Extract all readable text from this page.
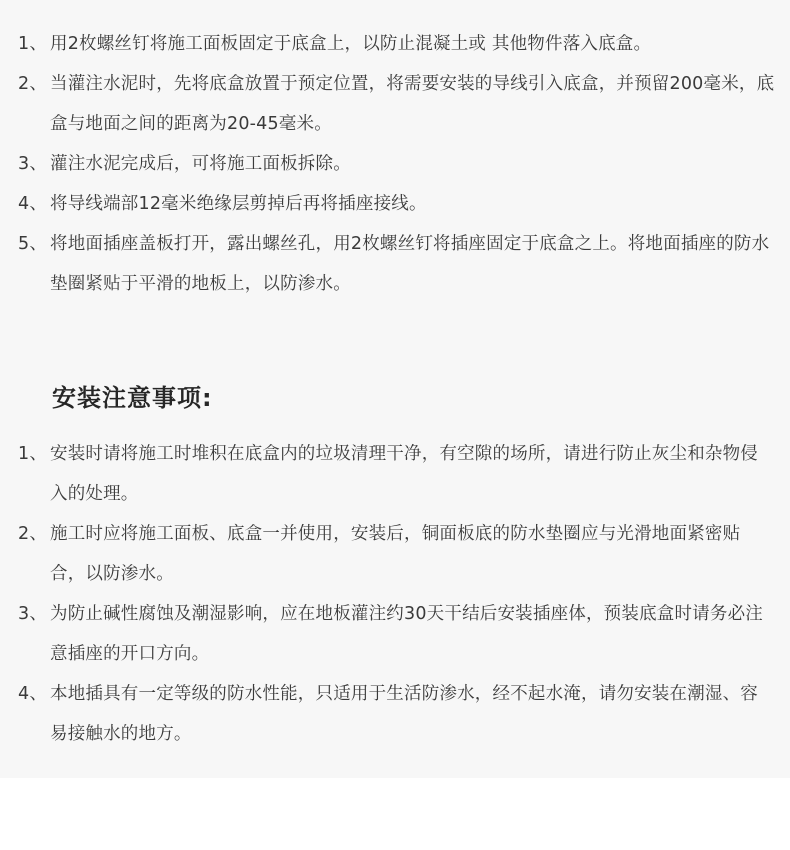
1、 用2枚螺丝钉将施工面板固定于底盒上，以防止混凝土或 其他物件落入底盒。
2、 当灌注水泥时，先将底盒放置于预定位置，将需要安装的导线引入底盒，并预留200毫米，底盒与地面之间的距离为20-45毫米。
3、 灌注水泥完成后，可将施工面板拆除。
4、 将导线端部12毫米绝缘层剪掉后再将插座接线。
5、 将地面插座盖板打开，露出螺丝孔，用2枚螺丝钉将插座固定于底盒之上。将地面插座的防水垫圈紧贴于平滑的地板上，以防渗水。
安装注意事项:
1、 安装时请将施工时堆积在底盒内的垃圾清理干净，有空隙的场所，请进行防止灰尘和杂物侵入的处理。
2、 施工时应将施工面板、底盒一并使用，安装后，铜面板底的防水垫圈应与光滑地面紧密贴合，以防渗水。
3、 为防止碱性腐蚀及潮湿影响，应在地板灌注约30天干结后安装插座体，预装底盒时请务必注意插座的开口方向。
4、 本地插具有一定等级的防水性能，只适用于生活防渗水，经不起水淹，请勿安装在潮湿、容易接触水的地方。
